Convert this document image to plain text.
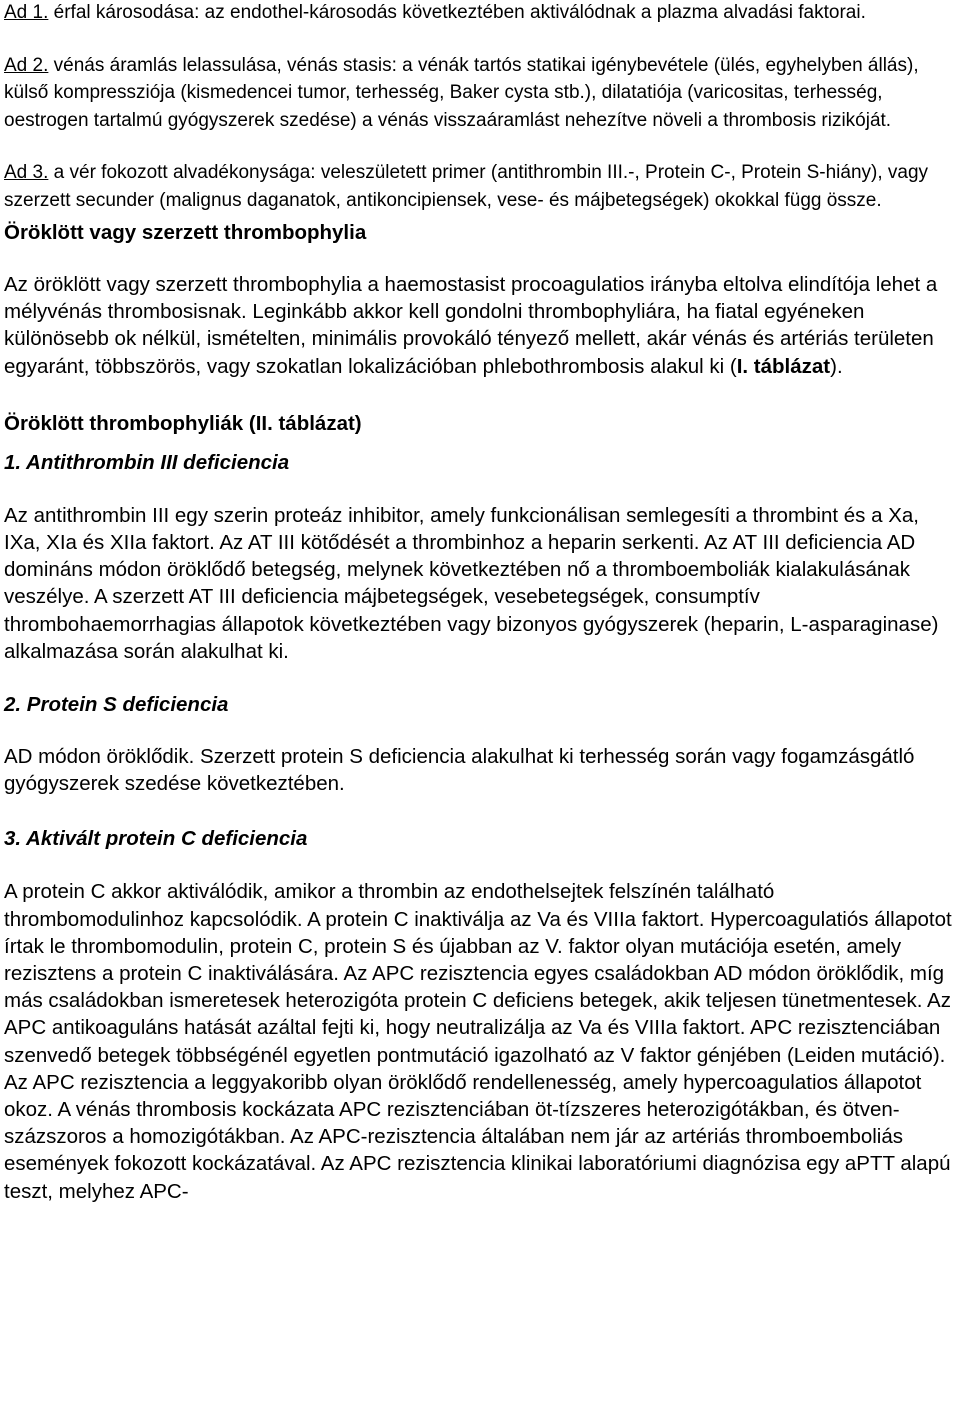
Ad 1. érfal károsodása: az endothel-károsodás következtében aktiválódnak a plazma alvadási faktorai.

Ad 2. vénás áramlás lelassulása, vénás stasis: a vénák tartós statikai igénybevétele (ülés, egyhelyben állás), külső kompressziója (kismedencei tumor, terhesség, Baker cysta stb.), dilatatiója (varicositas, terhesség, oestrogen tartalmú gyógyszerek szedése) a vénás visszaáramlást nehezítve növeli a thrombosis rizikóját.

Ad 3. a vér fokozott alvadékonysága: veleszületett primer (antithrombin III.-, Protein C-, Protein S-hiány), vagy szerzett secunder (malignus daganatok, antikoncipiensek, vese- és májbetegségek) okokkal függ össze.

Öröklött vagy szerzett thrombophylia

Az öröklött vagy szerzett thrombophylia a haemostasist procoagulatios irányba eltolva elindítója lehet a mélyvénás thrombosisnak. Leginkább akkor kell gondolni thrombophyliára, ha fiatal egyéneken különösebb ok nélkül, ismételten, minimális provokáló tényező mellett, akár vénás és artériás területen egyaránt, többszörös, vagy szokatlan lokalizációban phlebothrombosis alakul ki (I. táblázat).

Öröklött thrombophyliák (II. táblázat)
1. Antithrombin III deficiencia

Az antithrombin III egy szerin proteáz inhibitor, amely funkcionálisan semlegesíti a thrombint és a Xa, IXa, XIa és XIIa faktort. Az AT III kötődését a thrombinhoz a heparin serkenti. Az AT III deficiencia AD domináns módon öröklődő betegség, melynek következtében nő a thromboemboliák kialakulásának veszélye. A szerzett AT III deficiencia májbetegségek, vesebetegségek, consumptív thrombohaemorrhagias állapotok következtében vagy bizonyos gyógyszerek (heparin, L-asparaginase) alkalmazása során alakulhat ki.

2. Protein S deficiencia

AD módon öröklődik. Szerzett protein S deficiencia alakulhat ki terhesség során vagy fogamzásgátló gyógyszerek szedése következtében.

3. Aktivált protein C deficiencia

A protein C akkor aktiválódik, amikor a thrombin az endothelsejtek felszínén található thrombomodulinhoz kapcsolódik. A protein C inaktiválja az Va és VIIIa faktort. Hypercoagulatiós állapotot írtak le thrombomodulin, protein C, protein S és újabban az V. faktor olyan mutációja esetén, amely rezisztens a protein C inaktiválására. Az APC rezisztencia egyes családokban AD módon öröklődik, míg más családokban ismeretesek heterozigóta protein C deficiens betegek, akik teljesen tünetmentesek. Az APC antikoaguláns hatását azáltal fejti ki, hogy neutralizálja az Va és VIIIa faktort. APC rezisztenciában szenvedő betegek többségénél egyetlen pontmutáció igazolható az V faktor génjében (Leiden mutáció). Az APC rezisztencia a leggyakoribb olyan öröklődő rendellenesség, amely hypercoagulatios állapotot okoz. A vénás thrombosis kockázata APC rezisztenciában öt-tízszeres heterozigótákban, és ötven-százszoros a homozigótákban. Az APC-rezisztencia általában nem jár az artériás thromboemboliás események fokozott kockázatával. Az APC rezisztencia klinikai laboratóriumi diagnózisa egy aPTT alapú teszt, melyhez APC-
